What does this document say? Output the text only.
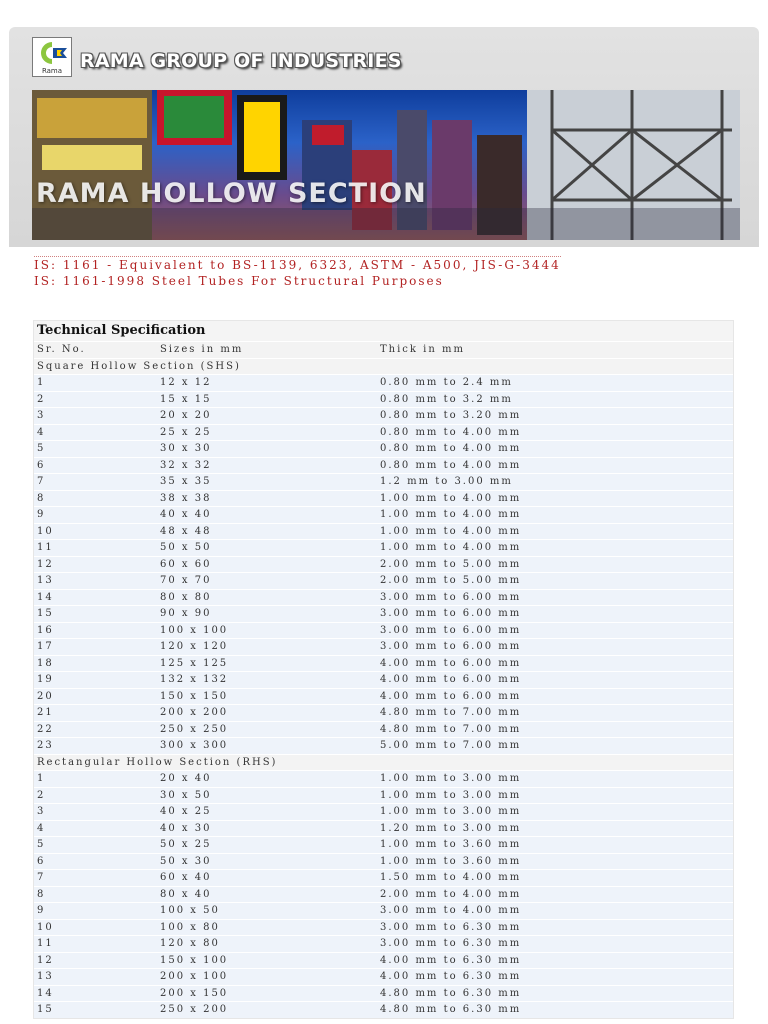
Rama RAMA GROUP OF INDUSTRIES
RAMA HOLLOW SECTION
IS: 1161 - Equivalent to BS-1139, 6323, ASTM - A500, JIS-G-3444
IS: 1161-1998 Steel Tubes For Structural Purposes
Technical Specification
Sr. No.	Sizes in mm	Thick in mm
Square Hollow Section (SHS)
1	12 x 12	0.80 mm to 2.4 mm
2	15 x 15	0.80 mm to 3.2 mm
3	20 x 20	0.80 mm to 3.20 mm
4	25 x 25	0.80 mm to 4.00 mm
5	30 x 30	0.80 mm to 4.00 mm
6	32 x 32	0.80 mm to 4.00 mm
7	35 x 35	1.2 mm to 3.00 mm
8	38 x 38	1.00 mm to 4.00 mm
9	40 x 40	1.00 mm to 4.00 mm
10	48 x 48	1.00 mm to 4.00 mm
11	50 x 50	1.00 mm to 4.00 mm
12	60 x 60	2.00 mm to 5.00 mm
13	70 x 70	2.00 mm to 5.00 mm
14	80 x 80	3.00 mm to 6.00 mm
15	90 x 90	3.00 mm to 6.00 mm
16	100 x 100	3.00 mm to 6.00 mm
17	120 x 120	3.00 mm to 6.00 mm
18	125 x 125	4.00 mm to 6.00 mm
19	132 x 132	4.00 mm to 6.00 mm
20	150 x 150	4.00 mm to 6.00 mm
21	200 x 200	4.80 mm to 7.00 mm
22	250 x 250	4.80 mm to 7.00 mm
23	300 x 300	5.00 mm to 7.00 mm
Rectangular Hollow Section (RHS)
1	20 x 40	1.00 mm to 3.00 mm
2	30 x 50	1.00 mm to 3.00 mm
3	40 x 25	1.00 mm to 3.00 mm
4	40 x 30	1.20 mm to 3.00 mm
5	50 x 25	1.00 mm to 3.60 mm
6	50 x 30	1.00 mm to 3.60 mm
7	60 x 40	1.50 mm to 4.00 mm
8	80 x 40	2.00 mm to 4.00 mm
9	100 x 50	3.00 mm to 4.00 mm
10	100 x 80	3.00 mm to 6.30 mm
11	120 x 80	3.00 mm to 6.30 mm
12	150 x 100	4.00 mm to 6.30 mm
13	200 x 100	4.00 mm to 6.30 mm
14	200 x 150	4.80 mm to 6.30 mm
15	250 x 200	4.80 mm to 6.30 mm
